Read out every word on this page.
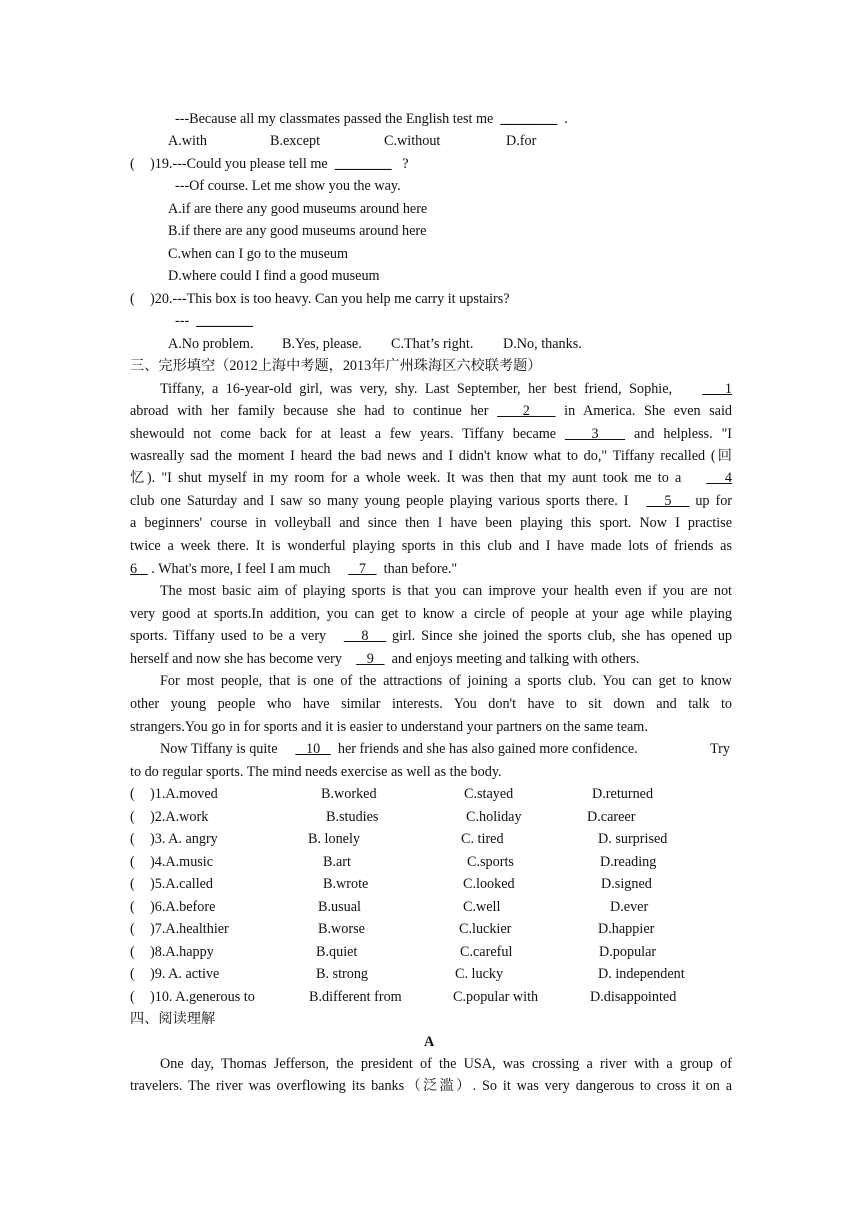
---Because all my classmates passed the English test me ________ .
A.with	B.except	C.without	D.for
( )19.---Could you please tell me ________ ?
---Of course. Let me show you the way.
A.if are there any good museums around here
B.if there are any good museums around here
C.when can I go to the museum
D.where could I find a good museum
( )20.---This box is too heavy. Can you help me carry it upstairs?
--- ________
A.No problem. B.Yes, please. C.That’s right. D.No, thanks.
三、完形填空（2012上海中考题，2013年广州珠海区六校联考题）
Tiffany, a 16-year-old girl, was very, shy. Last September, her best friend, Sophie,       1
abroad with her family because she had to continue her    2    in America. She even said
shewould not come back for at least a few years. Tiffany became    3    and helpless. "I
wasreally sad the moment I heard the bad news and I didn't know what to do," Tiffany recalled (回
忆). "I shut myself in my room for a whole week. It was then that my aunt took me to a       4
club one Saturday and I saw so many young people playing various sports there. I      5    up for
a beginners' course in volleyball and since then I have been playing this sport. Now I practise
twice a week there. It is wonderful playing sports in this club and I have made lots of friends as
6    . What's more, I feel I am much        7     than before."
The most basic aim of playing sports is that you can improve your health even if you are not
very good at sports.In addition, you can get to know a circle of people at your age while playing
sports. Tiffany used to be a very      8    girl. Since she joined the sports club, she has opened up
herself and now she has become very       9     and enjoys meeting and talking with others.
For most people, that is one of the attractions of joining a sports club. You can get to know
other young people who have similar interests. You don't have to sit down and talk to
strangers.You go in for sports and it is easier to understand your partners on the same team.
Now Tiffany is quite        10     her friends and she has also gained more confidence.	Try
to do regular sports. The mind needs exercise as well as the body.
( )1.A.moved	B.worked	C.stayed	D.returned
( )2.A.work	B.studies	C.holiday	D.career
( )3. A. angry	B. lonely	C. tired	D. surprised
( )4.A.music	B.art	C.sports	D.reading
( )5.A.called	B.wrote	C.looked	D.signed
( )6.A.before	B.usual	C.well	D.ever
( )7.A.healthier	B.worse	C.luckier	D.happier
( )8.A.happy	B.quiet	C.careful	D.popular
( )9. A. active	B. strong	C. lucky	D. independent
( )10. A.generous to	B.different from	C.popular with	D.disappointed
四、阅读理解
A
One day, Thomas Jefferson, the president of the USA, was crossing a river with a group of
travelers. The river was overflowing its banks（泛滥）. So it was very dangerous to cross it on a
